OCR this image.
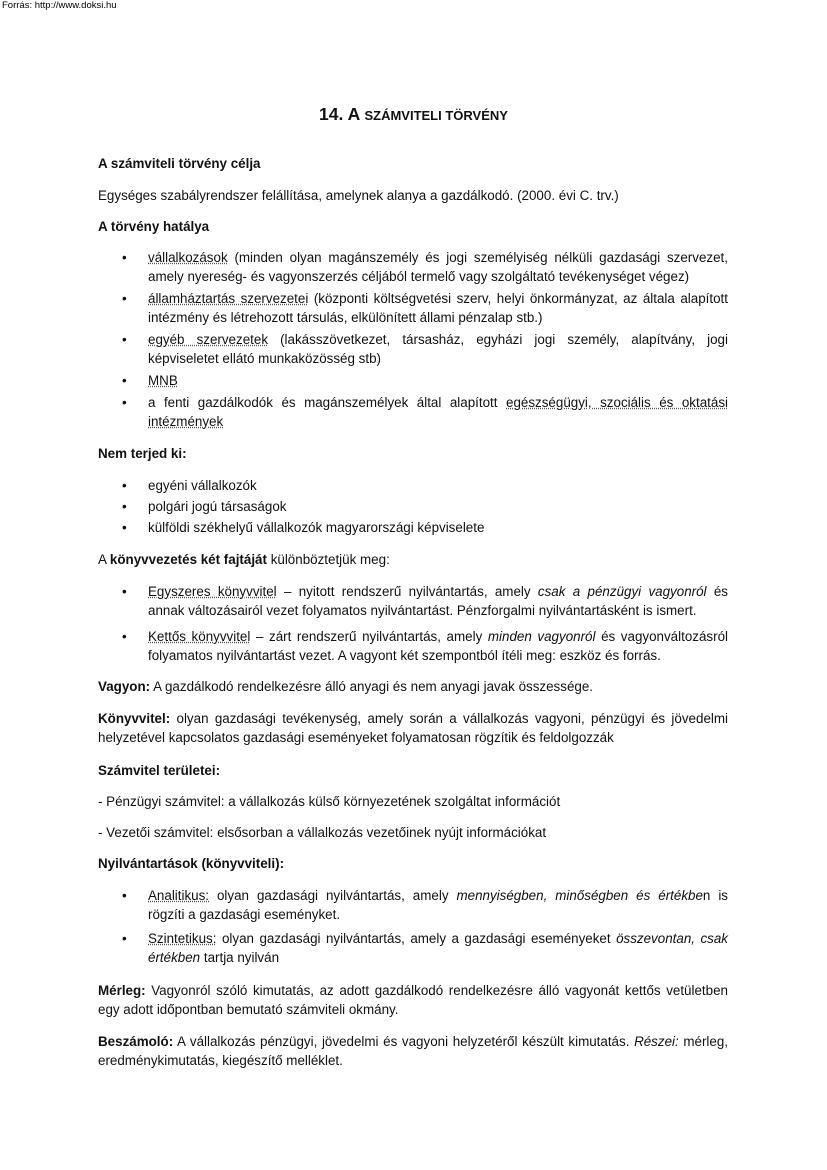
Forrás: http://www.doksi.hu
14. A SZÁMVITELI TÖRVÉNY

A számviteli törvény célja

Egységes szabályrendszer felállítása, amelynek alanya a gazdálkodó. (2000. évi C. trv.)

A törvény hatálya

•	vállalkozások (minden olyan magánszemély és jogi személyiség nélküli gazdasági szervezet, amely nyereség- és vagyonszerzés céljából termelő vagy szolgáltató tevékenységet végez)
•	államháztartás szervezetei (központi költségvetési szerv, helyi önkormányzat, az általa alapított intézmény és létrehozott társulás, elkülönített állami pénzalap stb.)
•	egyéb szervezetek (lakásszövetkezet, társasház, egyházi jogi személy, alapítvány, jogi képviseletet ellátó munkaközösség stb)
•	MNB
•	a fenti gazdálkodók és magánszemélyek által alapított egészségügyi, szociális és oktatási intézmények

Nem terjed ki:

•	egyéni vállalkozók
•	polgári jogú társaságok
•	külföldi székhelyű vállalkozók magyarországi képviselete

A könyvvezetés két fajtáját különböztetjük meg:

•	Egyszeres könyvvitel – nyitott rendszerű nyilvántartás, amely csak a pénzügyi vagyonról és annak változásairól vezet folyamatos nyilvántartást. Pénzforgalmi nyilvántartásként is ismert.
•	Kettős könyvvitel – zárt rendszerű nyilvántartás, amely minden vagyonról és vagyonváltozásról folyamatos nyilvántartást vezet. A vagyont két szempontból ítéli meg: eszköz és forrás.

Vagyon: A gazdálkodó rendelkezésre álló anyagi és nem anyagi javak összessége.

Könyvvitel: olyan gazdasági tevékenység, amely során a vállalkozás vagyoni, pénzügyi és jövedelmi helyzetével kapcsolatos gazdasági eseményeket folyamatosan rögzítik és feldolgozzák

Számvitel területei:

- Pénzügyi számvitel: a vállalkozás külső környezetének szolgáltat információt

- Vezetői számvitel: elsősorban a vállalkozás vezetőinek nyújt információkat

Nyilvántartások (könyvviteli):

•	Analitikus: olyan gazdasági nyilvántartás, amely mennyiségben, minőségben és értékben is rögzíti a gazdasági eseményket.
•	Szintetikus: olyan gazdasági nyilvántartás, amely a gazdasági eseményeket összevontan, csak értékben tartja nyilván

Mérleg: Vagyonról szóló kimutatás, az adott gazdálkodó rendelkezésre álló vagyonát kettős vetületben egy adott időpontban bemutató számviteli okmány.

Beszámoló: A vállalkozás pénzügyi, jövedelmi és vagyoni helyzetéről készült kimutatás. Részei: mérleg, eredménykimutatás, kiegészítő melléklet.
